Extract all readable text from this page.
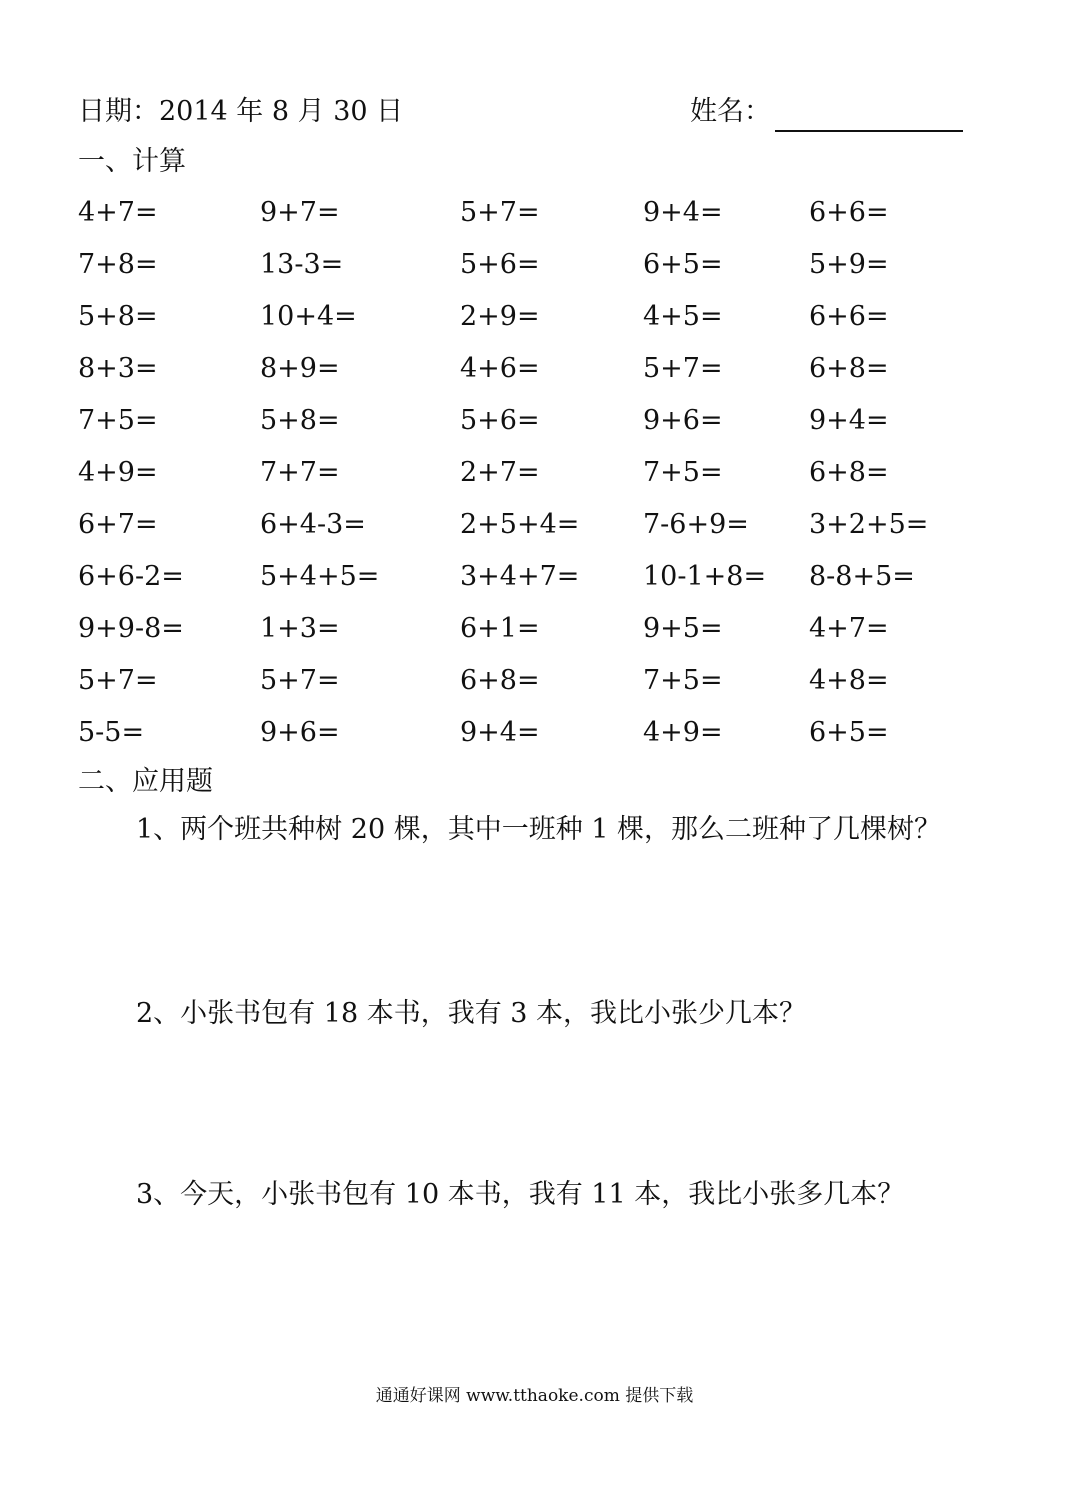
日期：2014 年 8 月 30 日	姓名：
一、计算
4+7=	9+7=	5+7=	9+4=	6+6=
7+8=	13-3=	5+6=	6+5=	5+9=
5+8=	10+4=	2+9=	4+5=	6+6=
8+3=	8+9=	4+6=	5+7=	6+8=
7+5=	5+8=	5+6=	9+6=	9+4=
4+9=	7+7=	2+7=	7+5=	6+8=
6+7=	6+4-3=	2+5+4= 7-6+9= 3+2+5=
6+6-2=	5+4+5=	3+4+7= 10-1+8= 8-8+5=
9+9-8=	1+3=	6+1=	9+5=	4+7=
5+7=	5+7=	6+8=	7+5=	4+8=
5-5=	9+6=	9+4=	4+9=	6+5=
二、应用题
1、两个班共种树 20 棵，其中一班种 1 棵，那么二班种了几棵树？
2、小张书包有 18 本书，我有 3 本，我比小张少几本？
3、今天，小张书包有 10 本书，我有 11 本，我比小张多几本？
通通好课网 www.tthaoke.com 提供下载
